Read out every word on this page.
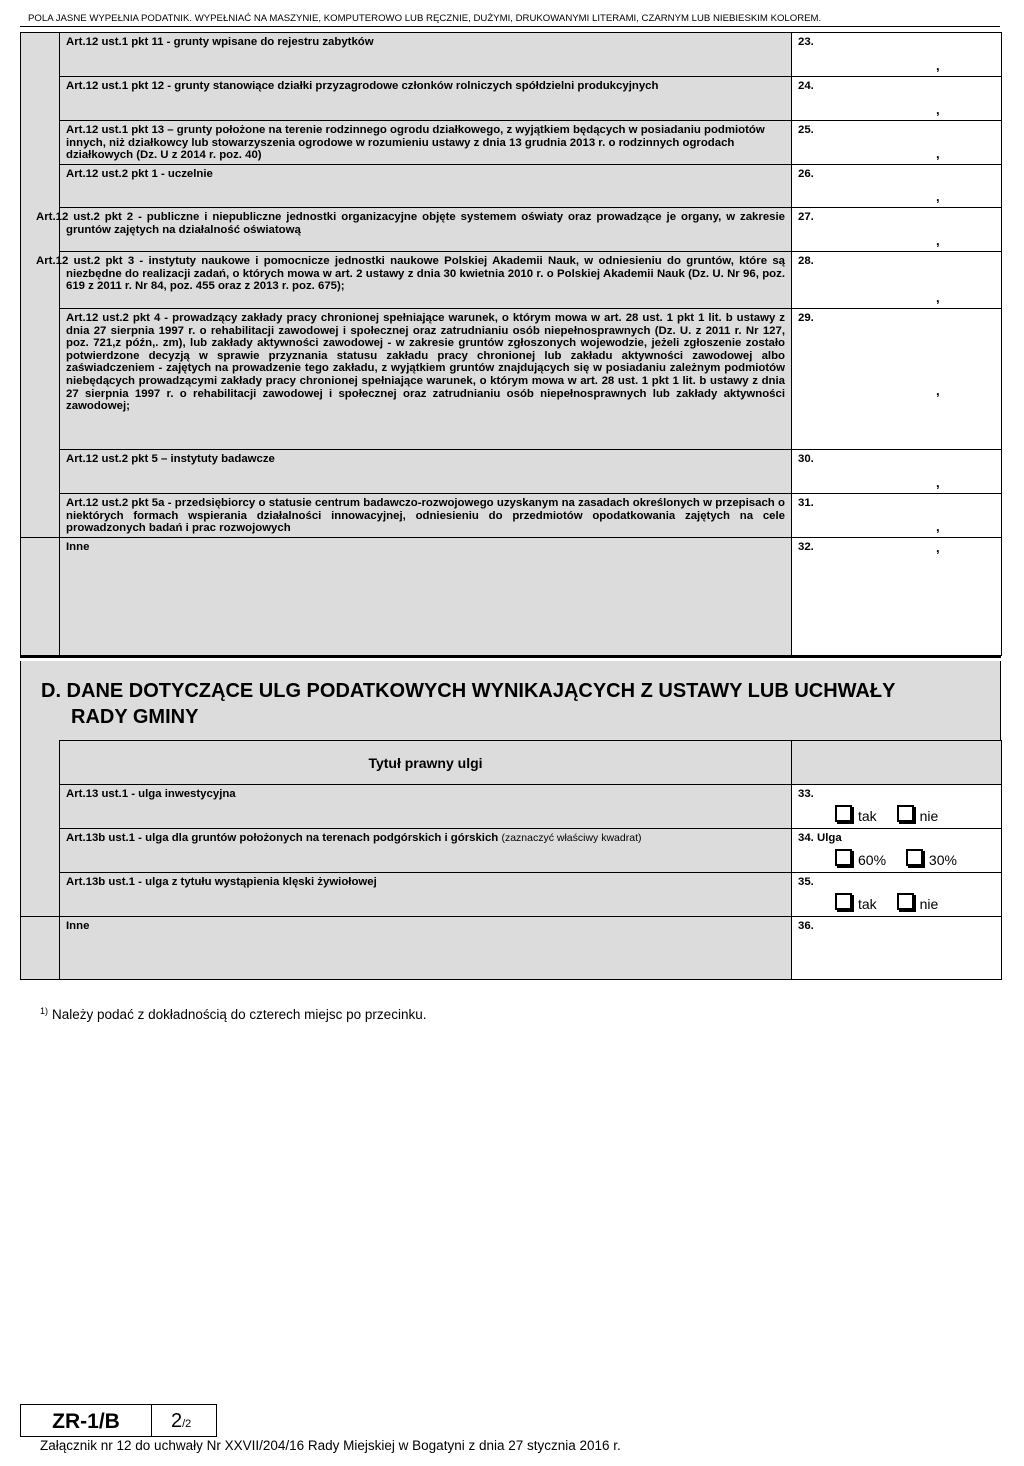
POLA JASNE WYPEŁNIA PODATNIK. WYPEŁNIAĆ NA MASZYNIE, KOMPUTEROWO LUB RĘCZNIE, DUŻYMI, DRUKOWANYMI LITERAMI, CZARNYM LUB NIEBIESKIM KOLOREM.
	Art.12 ust.1 pkt 11 - grunty wpisane do rejestru zabytków	23.
,

	Art.12 ust.1 pkt 12 - grunty stanowiące działki przyzagrodowe członków rolniczych spółdzielni produkcyjnych	24.
,

	Art.12 ust.1 pkt 13 – grunty położone na terenie rodzinnego ogrodu działkowego, z wyjątkiem będących w posiadaniu podmiotów innych, niż działkowcy lub stowarzyszenia ogrodowe w rozumieniu ustawy z dnia 13 grudnia 2013 r. o rodzinnych ogrodach działkowych (Dz. U z 2014 r. poz. 40)	25.
,

	Art.12 ust.2 pkt 1 - uczelnie	26.
,

	Art.12 ust.2 pkt 2 - publiczne i niepubliczne jednostki organizacyjne objęte systemem oświaty oraz prowadzące je organy, w zakresie gruntów zajętych na działalność oświatową	27.
,

	Art.12 ust.2 pkt 3 - instytuty naukowe i pomocnicze jednostki naukowe Polskiej Akademii Nauk, w odniesieniu do gruntów, które są niezbędne do realizacji zadań, o których mowa w art. 2 ustawy z dnia 30 kwietnia 2010 r. o Polskiej Akademii Nauk (Dz. U. Nr 96, poz. 619 z 2011 r. Nr 84, poz. 455 oraz z 2013 r. poz. 675);	28.
,

	Art.12 ust.2 pkt 4 - prowadzący zakłady pracy chronionej spełniające warunek, o którym mowa w art. 28 ust. 1 pkt 1 lit. b ustawy z dnia 27 sierpnia 1997 r. o rehabilitacji zawodowej i społecznej oraz zatrudnianiu osób niepełnosprawnych (Dz. U. z 2011 r. Nr 127, poz. 721,z późn,. zm), lub zakłady aktywności zawodowej - w zakresie gruntów zgłoszonych wojewodzie, jeżeli zgłoszenie zostało potwierdzone decyzją w sprawie przyznania statusu zakładu pracy chronionej lub zakładu aktywności zawodowej albo zaświadczeniem - zajętych na prowadzenie tego zakładu, z wyjątkiem gruntów znajdujących się w posiadaniu zależnym podmiotów niebędących prowadzącymi zakłady pracy chronionej spełniające warunek, o którym mowa w art. 28 ust. 1 pkt 1 lit. b ustawy z dnia 27 sierpnia 1997 r. o rehabilitacji zawodowej i społecznej oraz zatrudnianiu osób niepełnosprawnych lub zakłady aktywności zawodowej;	29.
,

	Art.12 ust.2 pkt 5 – instytuty badawcze	30.
,

	Art.12 ust.2 pkt 5a - przedsiębiorcy o statusie centrum badawczo-rozwojowego uzyskanym na zasadach określonych w przepisach o niektórych formach wspierania działalności innowacyjnej, odniesieniu do przedmiotów opodatkowania zajętych na cele prowadzonych badań i prac rozwojowych	31.
,

	Inne	32. ,
D. DANE DOTYCZĄCE ULG PODATKOWYCH WYNIKAJĄCYCH Z USTAWY LUB UCHWAŁY
RADY GMINY
	Tytuł prawny ulgi	
	Art.13 ust.1 - ulga inwestycyjna	33.
tak nie

	Art.13b ust.1 - ulga dla gruntów położonych na terenach podgórskich i górskich (zaznaczyć właściwy kwadrat)	34. Ulga
60% 30%

	Art.13b ust.1 - ulga z tytułu wystąpienia klęski żywiołowej	35.
tak nie

	Inne	36.
$^{1)}$ Należy podać z dokładnością do czterech miejsc po przecinku.
ZR-1/B	2/2
Załącznik nr 12 do uchwały Nr XXVII/204/16 Rady Miejskiej w Bogatyni z dnia 27 stycznia 2016 r.
